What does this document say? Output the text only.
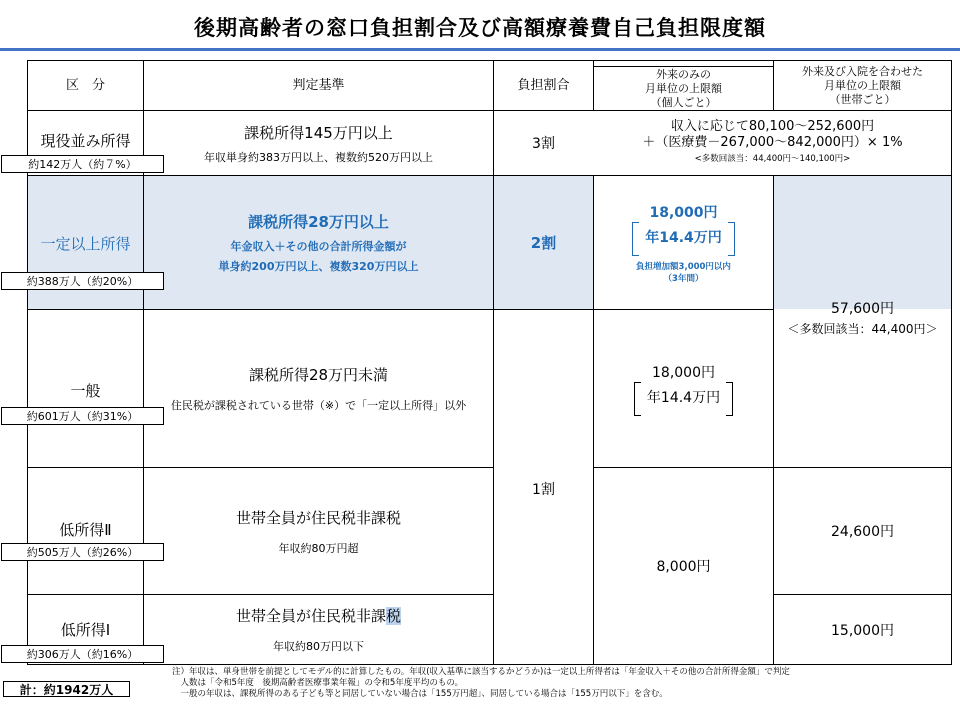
後期高齢者の窓口負担割合及び高額療養費自己負担限度額
区　分	判定基準	負担割合
外来のみの
月単位の上限額
（個人ごと）
外来及び入院を合わせた
月単位の上限額
（世帯ごと）
現役並み所得
約142万人（約７%）
課税所得145万円以上
年収単身約383万円以上、複数約520万円以上
3割
収入に応じて80,100～252,600円
＋（医療費－267,000～842,000円）× 1%
<多数回該当：44,400円～140,100円>
一定以上所得
約388万人（約20%）
課税所得28万円以上
年金収入＋その他の合計所得金額が
単身約200万円以上、複数320万円以上
2割
18,000円
年14.4万円
負担増加額3,000円以内
（3年間）
一般
約601万人（約31%）
課税所得28万円未満
住民税が課税されている世帯（※）で「一定以上所得」以外
18,000円
年14.4万円
57,600円
＜多数回該当：44,400円＞
1割
低所得Ⅱ
約505万人（約26%）
世帯全員が住民税非課税
年収約80万円超
24,600円
8,000円
低所得Ⅰ
約306万人（約16%）
世帯全員が住民税非課税
年収約80万円以下
15,000円
注）年収は、単身世帯を前提としてモデル的に計算したもの。年収(収入基準に該当するかどうか)は一定以上所得者は「年金収入＋その他の合計所得金額」で判定
　人数は「令和5年度　後期高齢者医療事業年報」の令和5年度平均のもの。
　一般の年収は、課税所得のある子ども等と同居していない場合は「155万円超」、同居している場合は「155万円以下」を含む。
計：約1942万人
